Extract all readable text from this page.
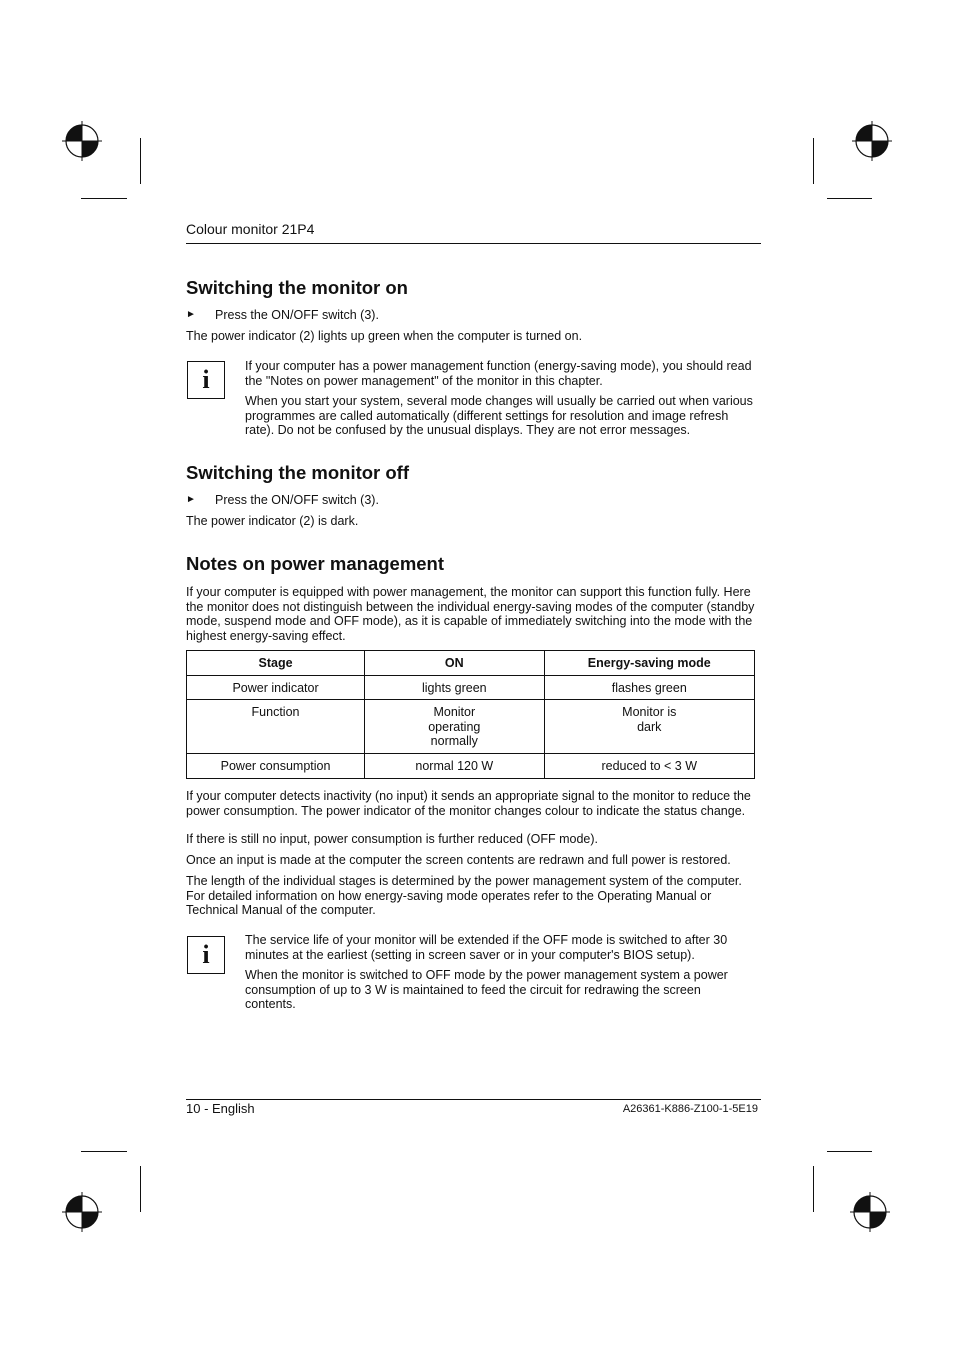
Colour monitor 21P4
Switching the monitor on
► Press the ON/OFF switch (3).

The power indicator (2) lights up green when the computer is turned on.

i	If your computer has a power management function (energy-saving mode), you should read the "Notes on power management" of the monitor in this chapter.

When you start your system, several mode changes will usually be carried out when various programmes are called automatically (different settings for resolution and image refresh rate). Do not be confused by the unusual displays. They are not error messages.

Switching the monitor off
► Press the ON/OFF switch (3).

The power indicator (2) is dark.

Notes on power management

If your computer is equipped with power management, the monitor can support this function fully. Here the monitor does not distinguish between the individual energy-saving modes of the computer (standby mode, suspend mode and OFF mode), as it is capable of immediately switching into the mode with the highest energy-saving effect.

Stage	ON	Energy-saving mode
Power indicator	lights green	flashes green
Function	Monitor operating normally	Monitor is dark
Power consumption	normal 120 W	reduced to < 3 W

If your computer detects inactivity (no input) it sends an appropriate signal to the monitor to reduce the power consumption. The power indicator of the monitor changes colour to indicate the status change.

If there is still no input, power consumption is further reduced (OFF mode).

Once an input is made at the computer the screen contents are redrawn and full power is restored.

The length of the individual stages is determined by the power management system of the computer. For detailed information on how energy-saving mode operates refer to the Operating Manual or Technical Manual of the computer.

i	The service life of your monitor will be extended if the OFF mode is switched to after 30 minutes at the earliest (setting in screen saver or in your computer's BIOS setup).

When the monitor is switched to OFF mode by the power management system a power consumption of up to 3 W is maintained to feed the circuit for redrawing the screen contents.

10 - English	A26361-K886-Z100-1-5E19
